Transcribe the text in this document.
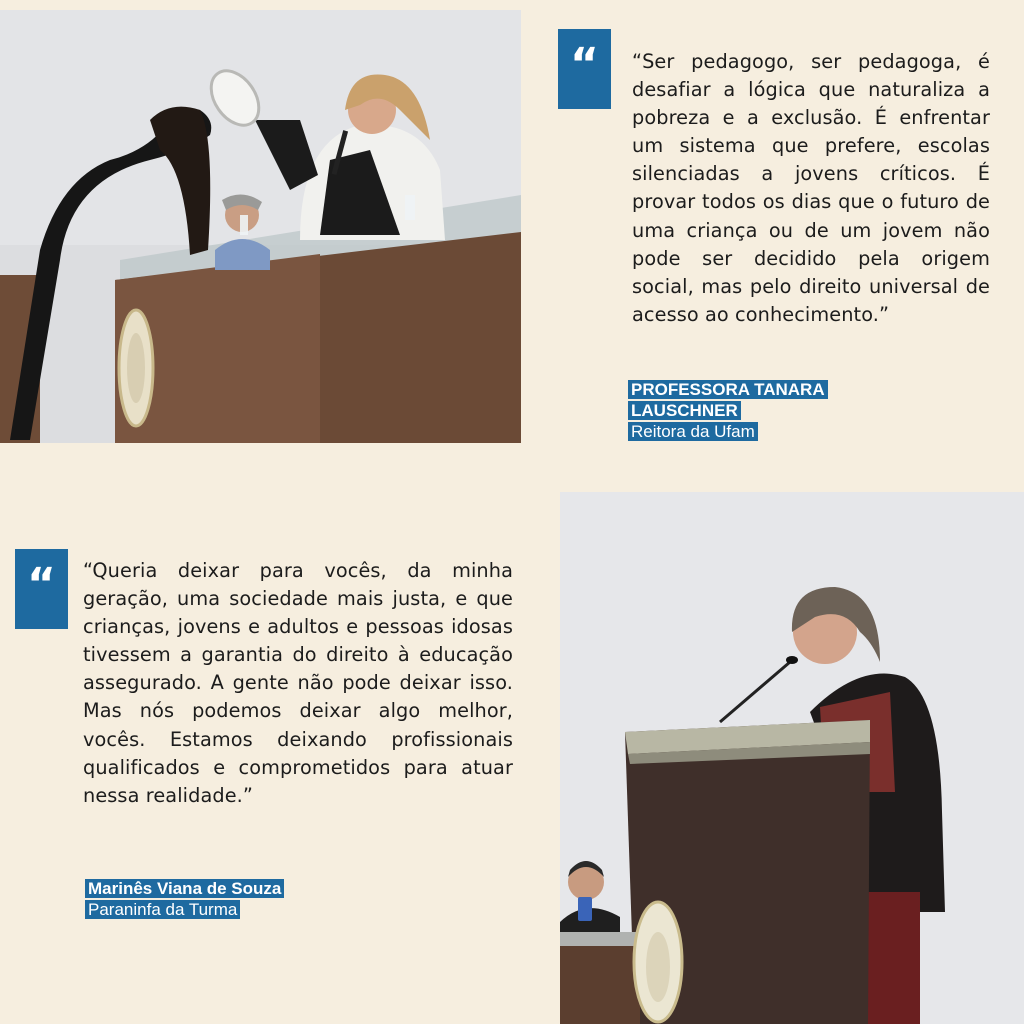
“	“Ser pedagogo, ser pedagoga, é desafiar a lógica que naturaliza a pobreza e a exclusão. É enfrentar um sistema que prefere, escolas silenciadas a jovens críticos. É provar todos os dias que o futuro de uma criança ou de um jovem não pode ser decidido pela origem social, mas pelo direito universal de acesso ao conhecimento.”

PROFESSORA TANARA LAUSCHNER
Reitora da Ufam
“	“Queria deixar para vocês, da minha geração, uma sociedade mais justa, e que crianças, jovens e adultos e pessoas idosas tivessem a garantia do direito à educação assegurado. A gente não pode deixar isso. Mas nós podemos deixar algo melhor, vocês. Estamos deixando profissionais qualificados e comprometidos para atuar nessa realidade.”

Marinês Viana de Souza
Paraninfa da Turma
